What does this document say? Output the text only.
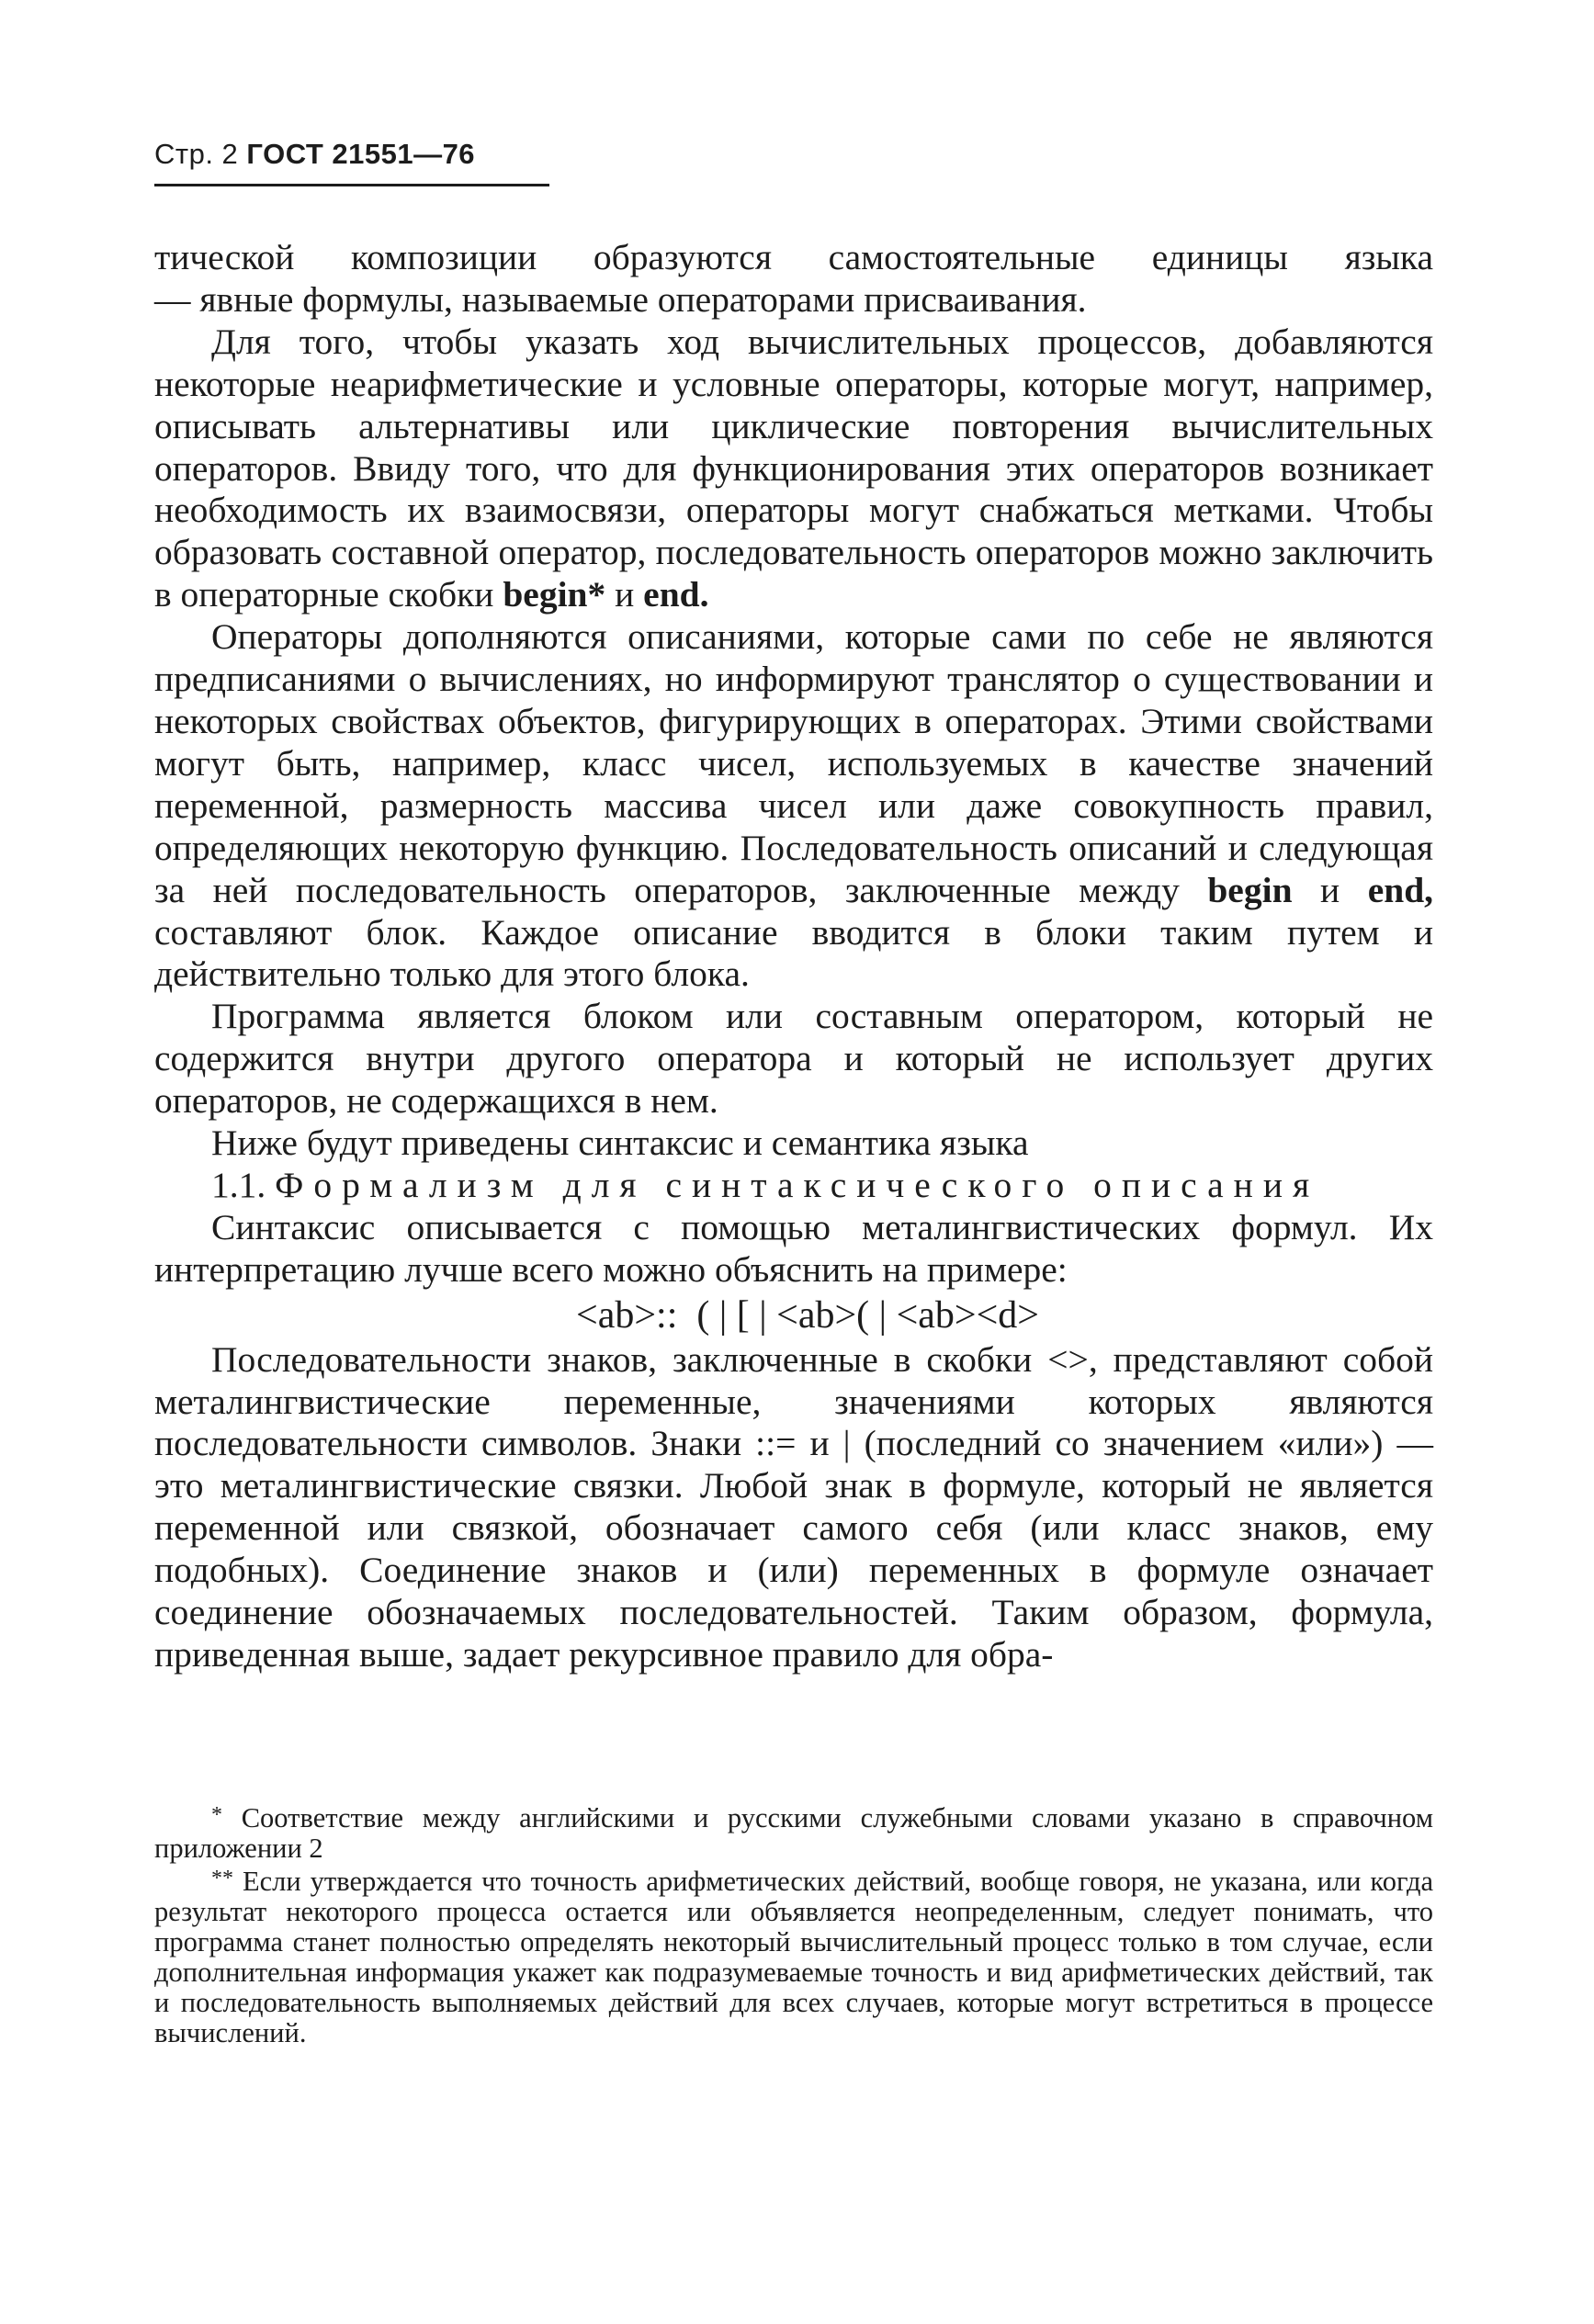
Стр. 2 ГОСТ 21551—76

тической композиции образуются самостоятельные единицы языка

— явные формулы, называемые операторами присваивания.

Для того, чтобы указать ход вычислительных процессов, добавляются некоторые неарифметические и условные операторы, которые могут, например, описывать альтернативы или циклические повторения вычислительных операторов. Ввиду того, что для функционирования этих операторов возникает необходимость их взаимосвязи, операторы могут снабжаться метками. Чтобы образовать составной оператор, последовательность операторов можно заключить в операторные скобки begin* и end.

Операторы дополняются описаниями, которые сами по себе не являются предписаниями о вычислениях, но информируют транслятор о существовании и некоторых свойствах объектов, фигурирующих в операторах. Этими свойствами могут быть, например, класс чисел, используемых в качестве значений переменной, размерность массива чисел или даже совокупность правил, определяющих некоторую функцию. Последовательность описаний и следующая за ней последовательность операторов, заключенные между begin и end, составляют блок. Каждое описание вводится в блоки таким путем и действительно только для этого блока.

Программа является блоком или составным оператором, который не содержится внутри другого оператора и который не использует других операторов, не содержащихся в нем.

Ниже будут приведены синтаксис и семантика языка

1.1. Формализм для синтаксического описания

Синтаксис описывается с помощью металингвистических формул. Их интерпретацию лучше всего можно объяснить на примере:

<ab>::  ( | [ | <ab>( | <ab><d>

Последовательности знаков, заключенные в скобки <>, представляют собой металингвистические переменные, значениями которых являются последовательности символов. Знаки ::= и | (последний со значением «или») — это металингвистические связки. Любой знак в формуле, который не является переменной или связкой, обозначает самого себя (или класс знаков, ему подобных). Соединение знаков и (или) переменных в формуле означает соединение обозначаемых последовательностей. Таким образом, формула, приведенная выше, задает рекурсивное правило для обра-

* Соответствие между английскими и русскими служебными словами указано в справочном приложении 2

** Если утверждается что точность арифметических действий, вообще говоря, не указана, или когда результат некоторого процесса остается или объявляется неопределенным, следует понимать, что программа станет полностью определять некоторый вычислительный процесс только в том случае, если дополнительная информация укажет как подразумеваемые точность и вид арифметических действий, так и последовательность выполняемых действий для всех случаев, которые могут встретиться в процессе вычислений.
